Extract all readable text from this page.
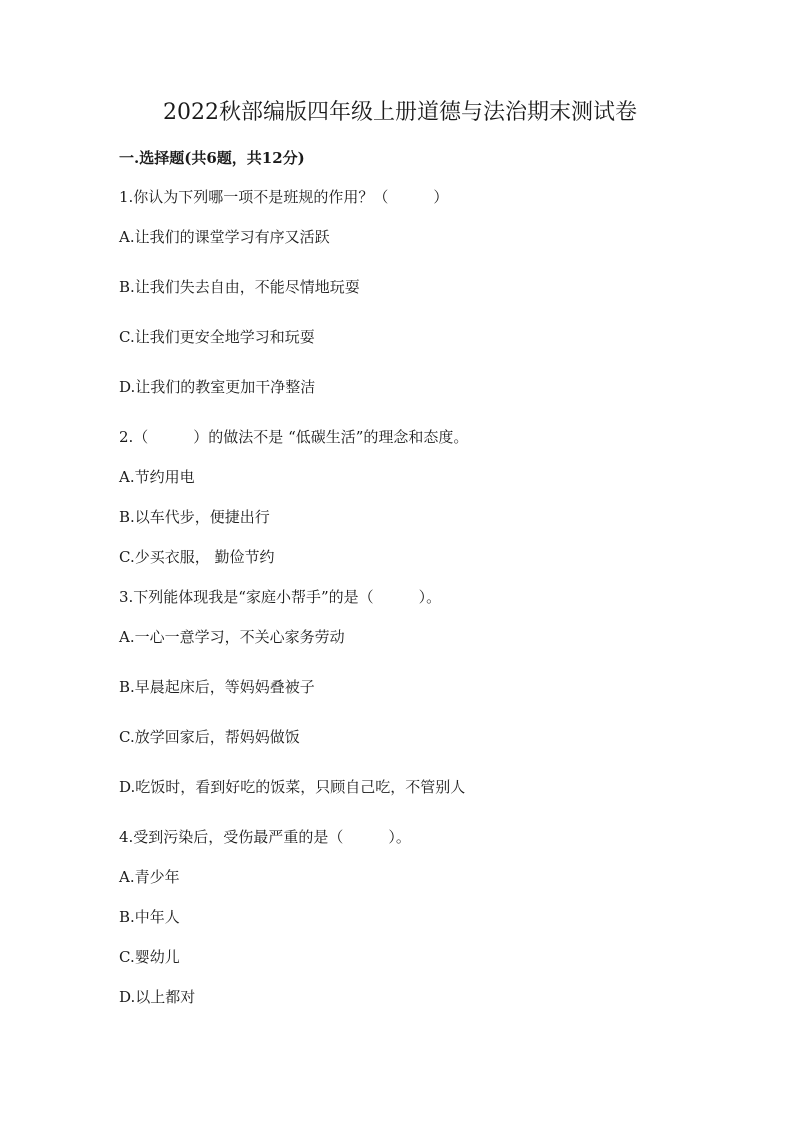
2022秋部编版四年级上册道德与法治期末测试卷
一.选择题(共6题，共12分)
1.你认为下列哪一项不是班规的作用？（　　　）
A.让我们的课堂学习有序又活跃
B.让我们失去自由，不能尽情地玩耍
C.让我们更安全地学习和玩耍
D.让我们的教室更加干净整洁
2.（　　　）的做法不是 “低碳生活”的理念和态度。
A.节约用电
B.以车代步，便捷出行
C.少买衣服， 勤俭节约
3.下列能体现我是“家庭小帮手”的是（　　　）。
A.一心一意学习，不关心家务劳动
B.早晨起床后，等妈妈叠被子
C.放学回家后，帮妈妈做饭
D.吃饭时，看到好吃的饭菜，只顾自己吃，不管别人
4.受到污染后，受伤最严重的是（　　　）。
A.青少年
B.中年人
C.婴幼儿
D.以上都对
